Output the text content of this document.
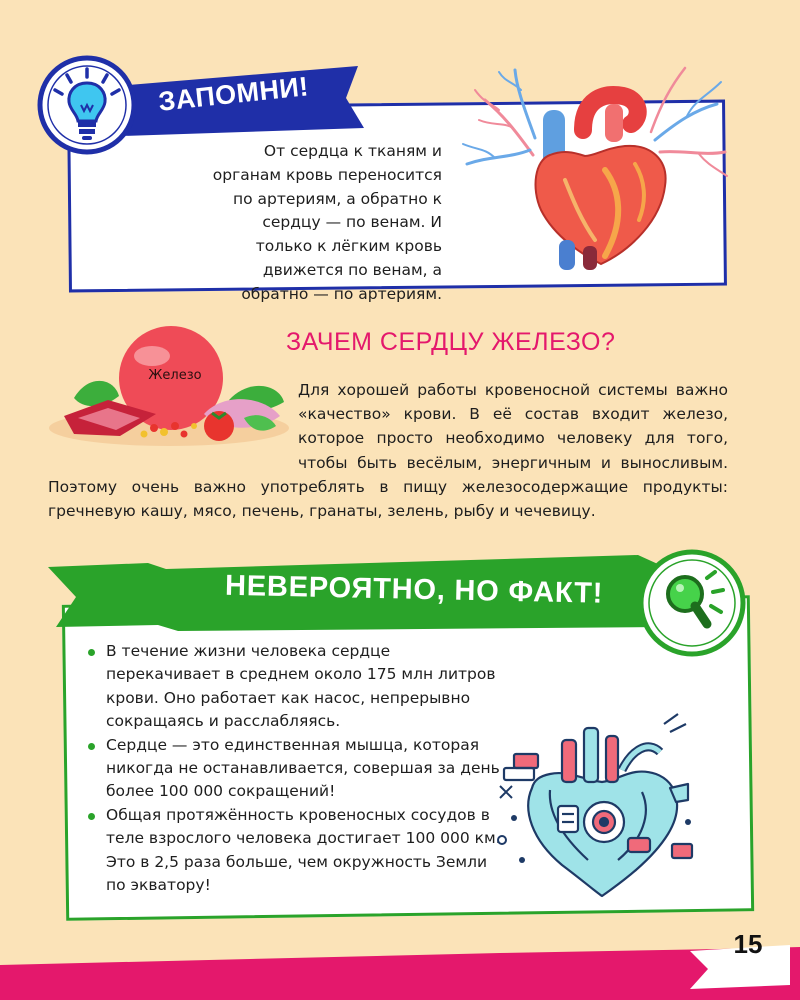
ЗАПОМНИ!

От сердца к тканям и органам кровь переносится по артериям, а обратно к сердцу — по венам. И только к лёгким кровь движется по венам, а обратно — по артериям.

Железо
ЗАЧЕМ СЕРДЦУ ЖЕЛЕЗО?

Для хорошей работы кровеносной системы важно «качество» крови. В её состав входит железо, которое просто необходимо человеку для того, чтобы быть весёлым, энергичным и выносливым. Поэтому очень важно употреблять в пищу железосодержащие продукты: гречневую кашу, мясо, печень, гранаты, зелень, рыбу и чечевицу.

НЕВЕРОЯТНО, НО ФАКТ!
В течение жизни человека сердце перекачивает в среднем около 175 млн литров крови. Оно работает как насос, непрерывно сокращаясь и расслабляясь.
Сердце — это единственная мышца, которая никогда не останавливается, совершая за день более 100 000 сокращений!
Общая протяжённость кровеносных сосудов в теле взрослого человека достигает 100 000 км. Это в 2,5 раза больше, чем окружность Земли по экватору!
15
